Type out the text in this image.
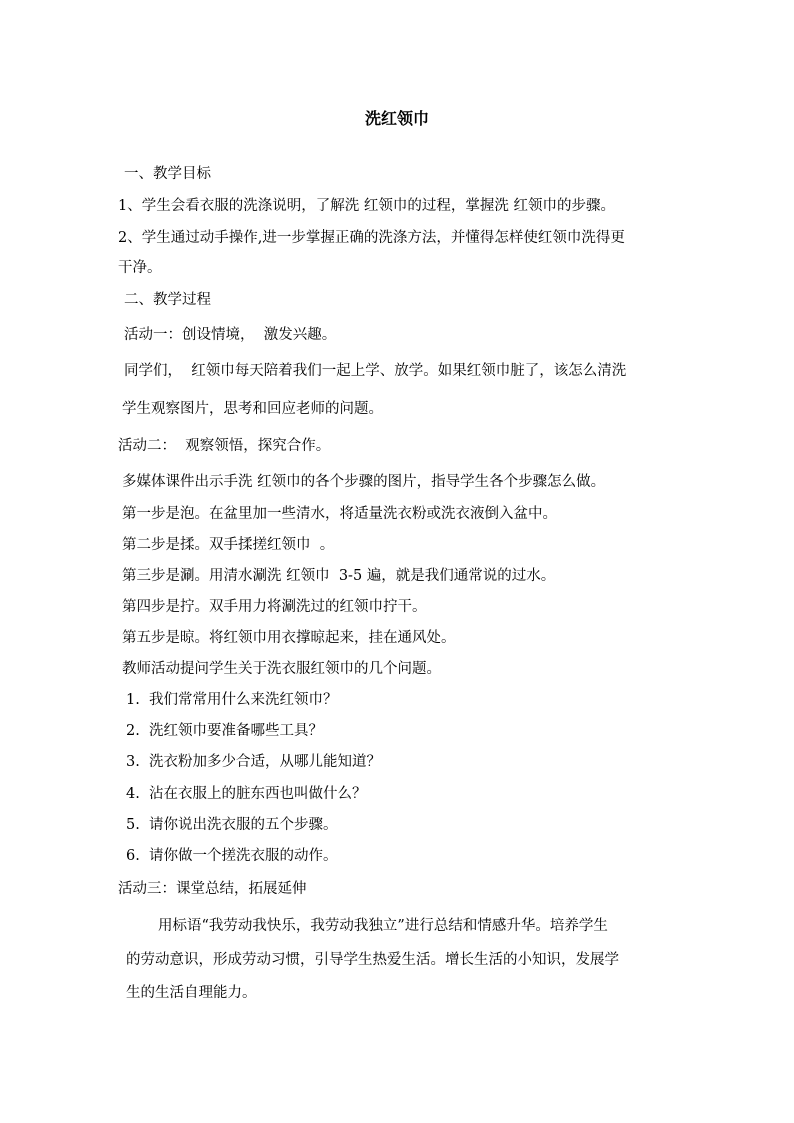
洗红领巾
一、教学目标
1、学生会看衣服的洗涤说明，了解洗 红领巾的过程，掌握洗 红领巾的步骤。
2、学生通过动手操作,进一步掌握正确的洗涤方法，并懂得怎样使红领巾洗得更
干净。
二、教学过程
活动一：创设情境，  激发兴趣。
同学们，  红领巾每天陪着我们一起上学、放学。如果红领巾脏了，该怎么清洗
学生观察图片，思考和回应老师的问题。
活动二：  观察领悟，探究合作。
多媒体课件出示手洗 红领巾的各个步骤的图片，指导学生各个步骤怎么做。
第一步是泡。在盆里加一些清水，将适量洗衣粉或洗衣液倒入盆中。
第二步是揉。双手揉搓红领巾  。
第三步是涮。用清水涮洗 红领巾  3-5 遍，就是我们通常说的过水。
第四步是拧。双手用力将涮洗过的红领巾拧干。
第五步是晾。将红领巾用衣撑晾起来，挂在通风处。
教师活动提问学生关于洗衣服红领巾的几个问题。
1.  我们常常用什么来洗红领巾？
2.  洗红领巾要准备哪些工具？
3.  洗衣粉加多少合适，从哪儿能知道？
4.  沾在衣服上的脏东西也叫做什么？
5.  请你说出洗衣服的五个步骤。
6.  请你做一个搓洗衣服的动作。
活动三：课堂总结，拓展延伸
用标语“我劳动我快乐，我劳动我独立”进行总结和情感升华。培养学生
的劳动意识，形成劳动习惯，引导学生热爱生活。增长生活的小知识，发展学
生的生活自理能力。
